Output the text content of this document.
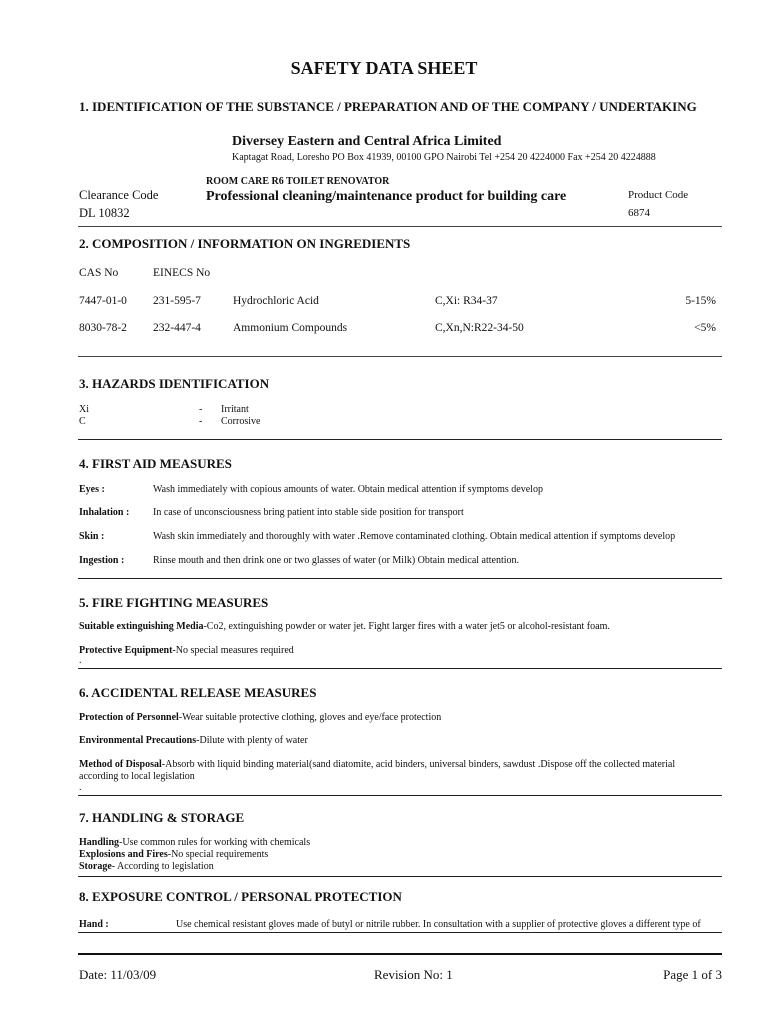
SAFETY DATA SHEET
1. IDENTIFICATION OF THE SUBSTANCE / PREPARATION AND OF THE COMPANY / UNDERTAKING
Diversey Eastern and Central Africa Limited
Kaptagat Road, Loresho PO Box 41939, 00100 GPO Nairobi Tel +254 20 4224000 Fax +254 20 4224888
ROOM CARE R6 TOILET RENOVATOR
Clearance Code	Professional cleaning/maintenance product for building care	Product Code
DL 10832	6874
2. COMPOSITION / INFORMATION ON INGREDIENTS
CAS No	EINECS No
7447-01-0 231-595-7	Hydrochloric Acid	C,Xi: R34-37	5-15%
8030-78-2 232-447-4	Ammonium Compounds	C,Xn,N:R22-34-50	<5%
3. HAZARDS IDENTIFICATION
Xi	- Irritant
C	- Corrosive
4. FIRST AID MEASURES
Eyes :	Wash immediately with copious amounts of water. Obtain medical attention if symptoms develop
Inhalation : In case of unconsciousness bring patient into stable side position for transport
Skin :	Wash skin immediately and thoroughly with water .Remove contaminated clothing. Obtain medical attention if symptoms develop
Ingestion :	Rinse mouth and then drink one or two glasses of water (or Milk) Obtain medical attention.
5. FIRE FIGHTING MEASURES
Suitable extinguishing Media-Co2, extinguishing powder or water jet. Fight larger fires with a water jet5 or alcohol-resistant foam.
Protective Equipment-No special measures required
.
6. ACCIDENTAL RELEASE MEASURES
Protection of Personnel-Wear suitable protective clothing, gloves and eye/face protection
Environmental Precautions-Dilute with plenty of water
Method of Disposal-Absorb with liquid binding material(sand diatomite, acid binders, universal binders, sawdust .Dispose off the collected material
according to local legislation
.
7. HANDLING & STORAGE
Handling-Use common rules for working with chemicals
Explosions and Fires-No special requirements
Storage- According to legislation
8. EXPOSURE CONTROL / PERSONAL PROTECTION
Hand :	Use chemical resistant gloves made of butyl or nitrile rubber. In consultation with a supplier of protective gloves a different type of
Date: 11/03/09	Revision No: 1	Page 1 of 3
